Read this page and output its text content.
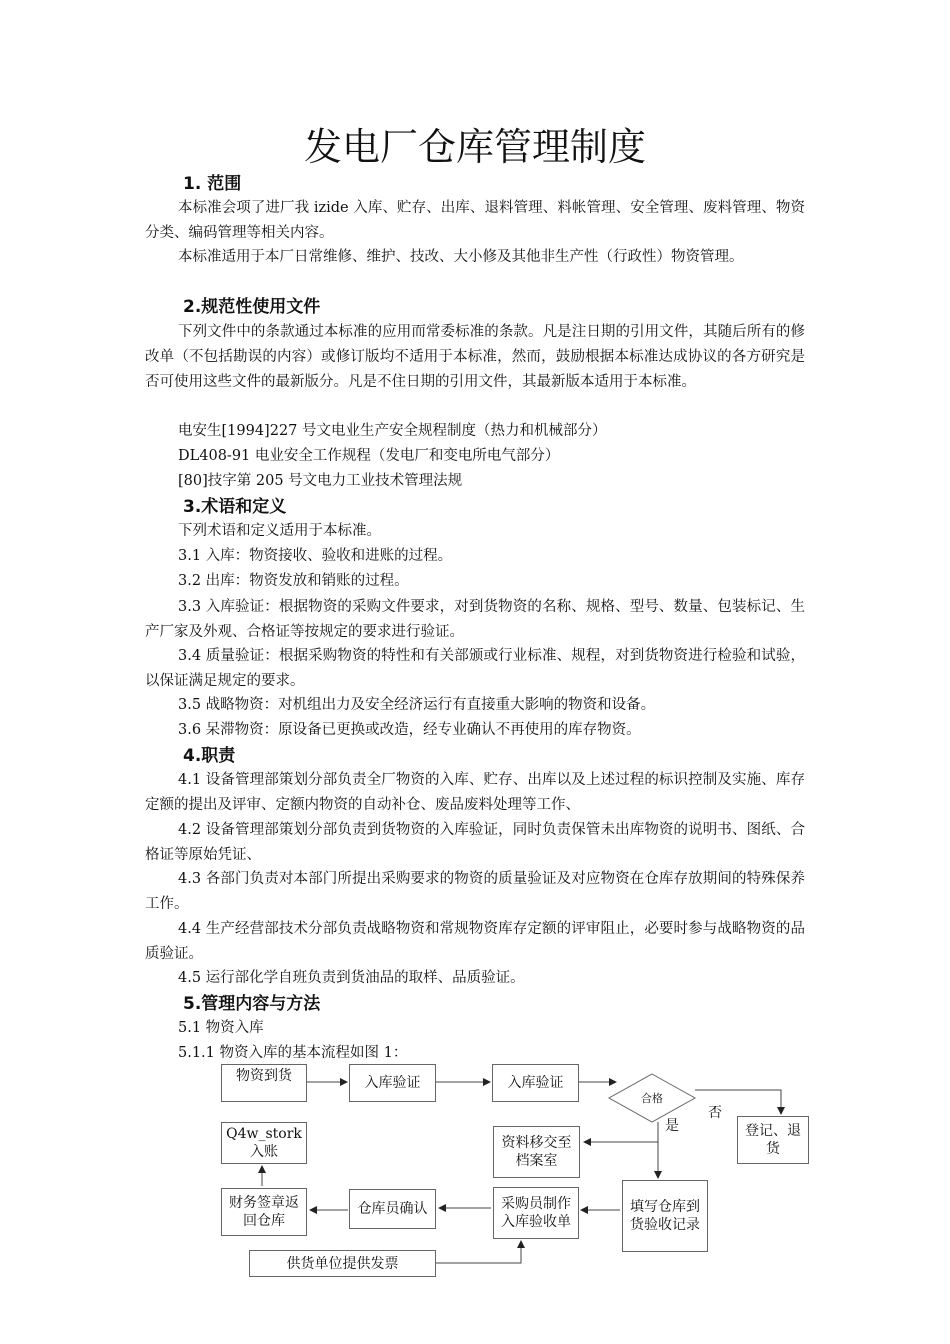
发电厂仓库管理制度
1. 范围
本标准会项了进厂我 izide 入库、贮存、出库、退料管理、料帐管理、安全管理、废料管理、物资分类、编码管理等相关内容。
本标准适用于本厂日常维修、维护、技改、大小修及其他非生产性（行政性）物资管理。
2.规范性使用文件
下列文件中的条款通过本标准的应用而常委标准的条款。凡是注日期的引用文件，其随后所有的修改单（不包括勘误的内容）或修订版均不适用于本标准，然而，鼓励根据本标准达成协议的各方研究是否可使用这些文件的最新版分。凡是不住日期的引用文件，其最新版本适用于本标准。
电安生[1994]227 号文电业生产安全规程制度（热力和机械部分）
DL408-91 电业安全工作规程（发电厂和变电所电气部分）
[80]技字第 205 号文电力工业技术管理法规
3.术语和定义
下列术语和定义适用于本标准。
3.1 入库：物资接收、验收和进账的过程。
3.2 出库：物资发放和销账的过程。
3.3 入库验证：根据物资的采购文件要求，对到货物资的名称、规格、型号、数量、包装标记、生产厂家及外观、合格证等按规定的要求进行验证。
3.4 质量验证：根据采购物资的特性和有关部颁或行业标准、规程，对到货物资进行检验和试验，以保证满足规定的要求。
3.5 战略物资：对机组出力及安全经济运行有直接重大影响的物资和设备。
3.6 呆滞物资：原设备已更换或改造，经专业确认不再使用的库存物资。
4.职责
4.1 设备管理部策划分部负责全厂物资的入库、贮存、出库以及上述过程的标识控制及实施、库存定额的提出及评审、定额内物资的自动补仓、废品废料处理等工作、
4.2 设备管理部策划分部负责到货物资的入库验证，同时负责保管未出库物资的说明书、图纸、合格证等原始凭证、
4.3 各部门负责对本部门所提出采购要求的物资的质量验证及对应物资在仓库存放期间的特殊保养工作。
4.4 生产经营部技术分部负责战略物资和常规物资库存定额的评审阻止，必要时参与战略物资的品质验证。
4.5 运行部化学自班负责到货油品的取样、品质验证。
5.管理内容与方法
5.1 物资入库
5.1.1 物资入库的基本流程如图 1：
物资到货	入库验证	入库验证
合格
否
是	登记、退货
资料移交至档案室
Q4w_stork 入账
填写仓库到货验收记录
采购员制作入库验收单
仓库员确认
财务签章返回仓库
供货单位提供发票
